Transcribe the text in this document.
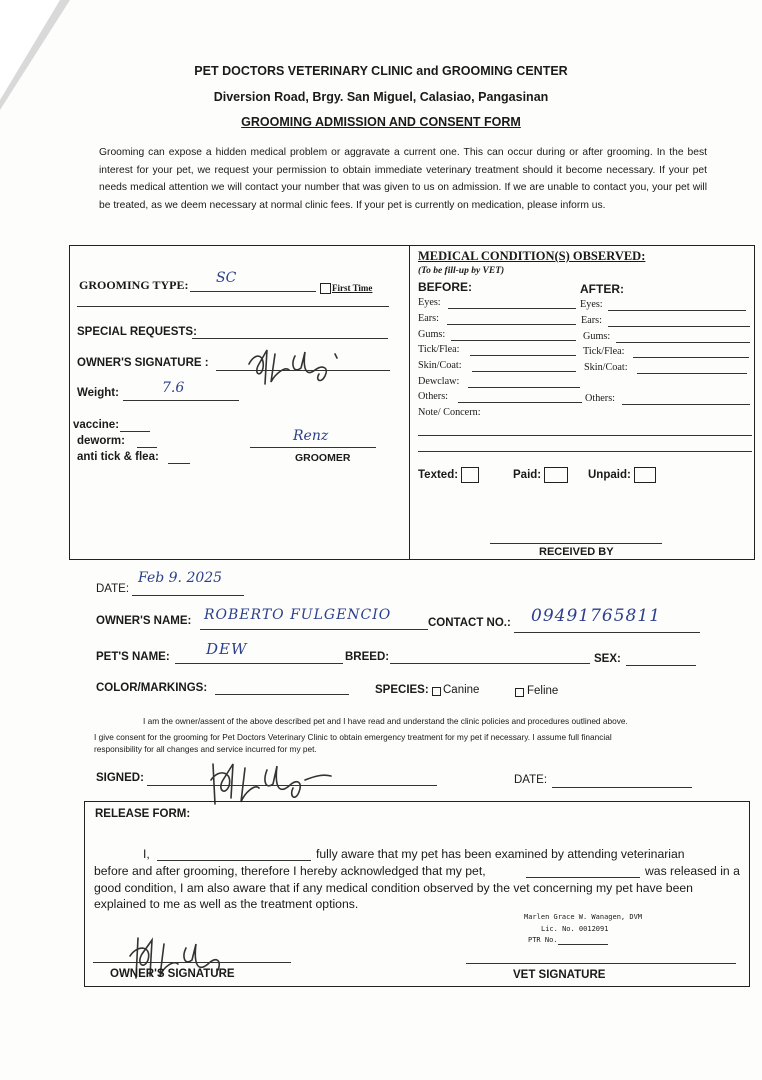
PET DOCTORS VETERINARY CLINIC and GROOMING CENTER
Diversion Road, Brgy. San Miguel, Calasiao, Pangasinan
GROOMING ADMISSION AND CONSENT FORM
Grooming can expose a hidden medical problem or aggravate a current one. This can occur during or after grooming. In the best interest for your pet, we request your permission to obtain immediate veterinary treatment should it become necessary. If your pet needs medical attention we will contact your number that was given to us on admission. If we are unable to contact you, your pet will be treated, as we deem necessary at normal clinic fees. If your pet is currently on medication, please inform us.
GROOMING TYPE: SC
First Time
SPECIAL REQUESTS:
OWNER'S SIGNATURE :
Weight:	7.6
vaccine:
deworm:
anti tick & flea:
Renz
GROOMER
MEDICAL CONDITION(S) OBSERVED:
(To be fill-up by VET)
BEFORE:	AFTER:
Eyes:
Ears:
Gums:
Tick/Flea:
Skin/Coat:
Dewclaw:
Others:
Note/ Concern:
Eyes:
Ears:
Gums:
Tick/Flea:
Skin/Coat:
Others:
Texted:	Paid:	Unpaid:
RECEIVED BY
DATE:
Feb 9. 2025
OWNER'S NAME: ROBERTO FULGENCIO	CONTACT NO.: 09491765811
PET'S NAME: DEW	BREED:	SEX:
COLOR/MARKINGS:	SPECIES: Canine	Feline
I am the owner/assent of the above described pet and I have read and understand the clinic policies and procedures outlined above.
I give consent for the grooming for Pet Doctors Veterinary Clinic to obtain emergency treatment for my pet if necessary. I assume full financial
responsibility for all changes and service incurred for my pet.
SIGNED:	DATE:
RELEASE FORM:
I,	fully aware that my pet has been examined by attending veterinarian
before and after grooming, therefore I hereby acknowledged that my pet,	was released in a
good condition, I am also aware that if any medical condition observed by the vet concerning my pet have been
explained to me as well as the treatment options.
Marlen Grace W. Wanagen, DVM
Lic. No. 0012091
PTR No.
OWNER'S SIGNATURE	VET SIGNATURE
